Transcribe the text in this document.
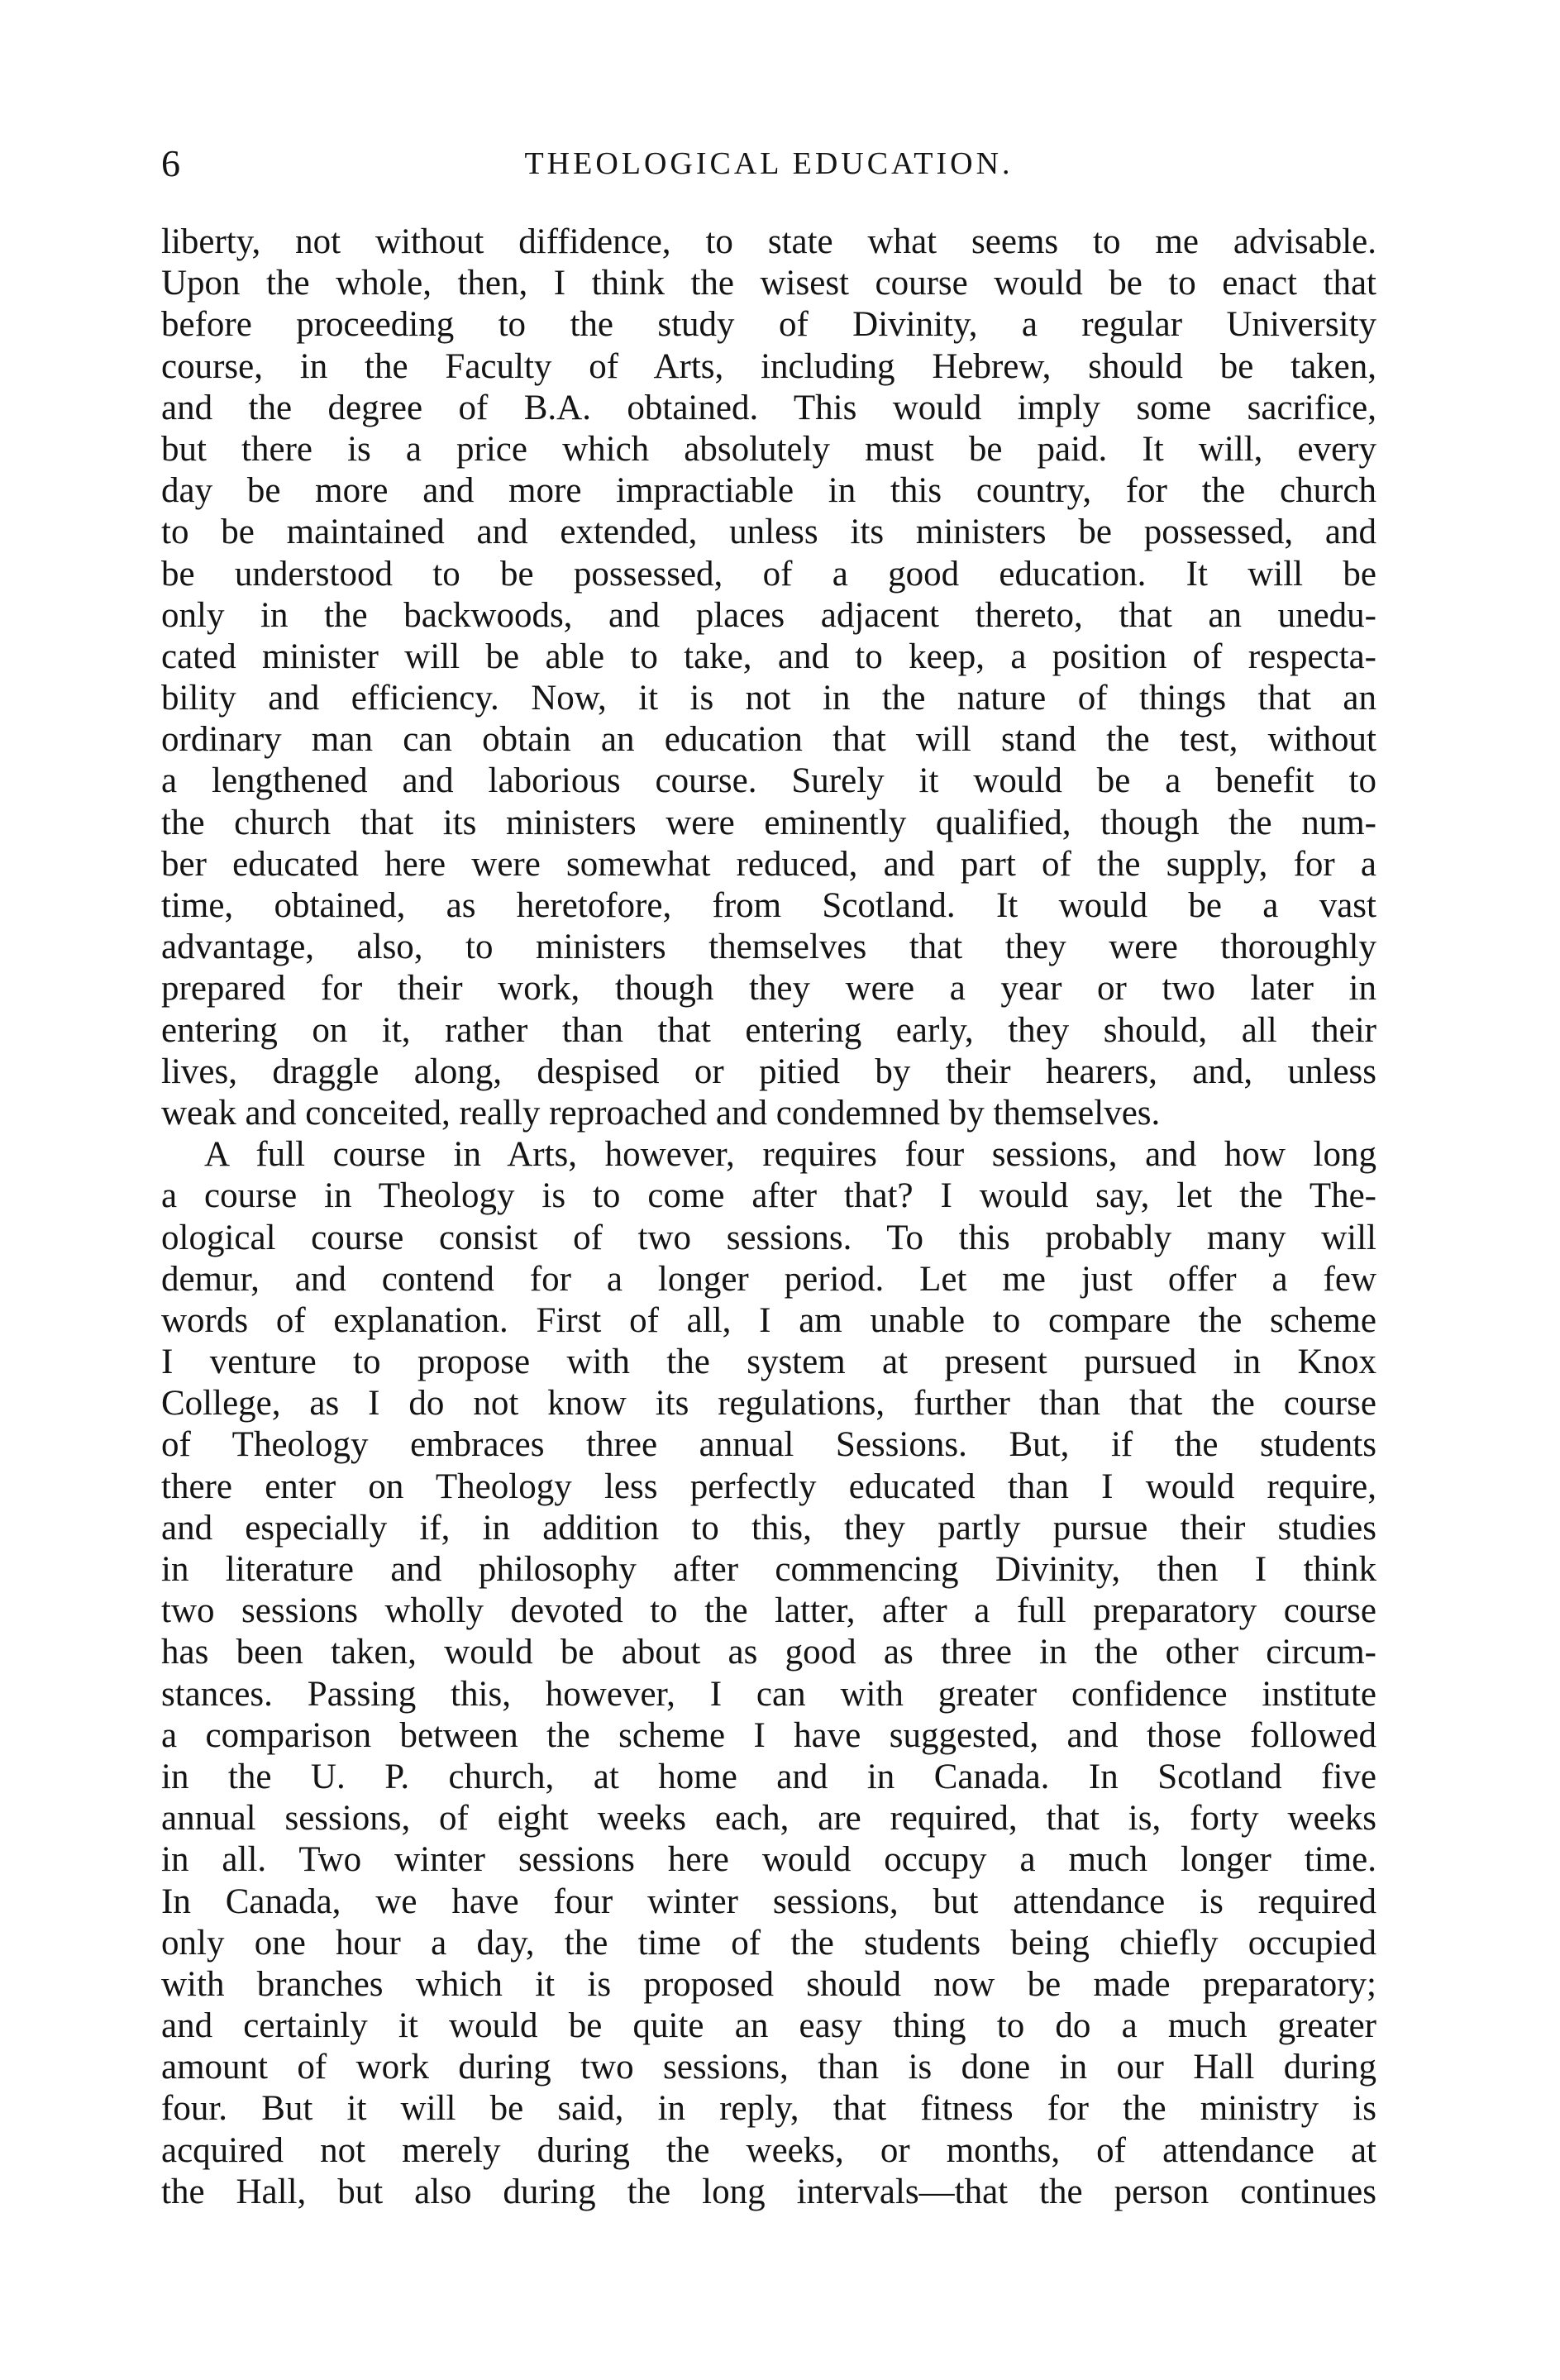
6	THEOLOGICAL EDUCATION.
liberty, not without diffidence, to state what seems to me advisable.
Upon the whole, then, I think the wisest course would be to enact that
before proceeding to the study of Divinity, a regular University
course, in the Faculty of Arts, including Hebrew, should be taken,
and the degree of B.A. obtained. This would imply some sacrifice,
but there is a price which absolutely must be paid. It will, every
day be more and more impractiable in this country, for the church
to be maintained and extended, unless its ministers be possessed, and
be understood to be possessed, of a good education. It will be
only in the backwoods, and places adjacent thereto, that an unedu-
cated minister will be able to take, and to keep, a position of respecta-
bility and efficiency. Now, it is not in the nature of things that an
ordinary man can obtain an education that will stand the test, without
a lengthened and laborious course. Surely it would be a benefit to
the church that its ministers were eminently qualified, though the num-
ber educated here were somewhat reduced, and part of the supply, for a
time, obtained, as heretofore, from Scotland. It would be a vast
advantage, also, to ministers themselves that they were thoroughly
prepared for their work, though they were a year or two later in
entering on it, rather than that entering early, they should, all their
lives, draggle along, despised or pitied by their hearers, and, unless
weak and conceited, really reproached and condemned by themselves.
A full course in Arts, however, requires four sessions, and how long
a course in Theology is to come after that? I would say, let the The-
ological course consist of two sessions. To this probably many will
demur, and contend for a longer period. Let me just offer a few
words of explanation. First of all, I am unable to compare the scheme
I venture to propose with the system at present pursued in Knox
College, as I do not know its regulations, further than that the course
of Theology embraces three annual Sessions. But, if the students
there enter on Theology less perfectly educated than I would require,
and especially if, in addition to this, they partly pursue their studies
in literature and philosophy after commencing Divinity, then I think
two sessions wholly devoted to the latter, after a full preparatory course
has been taken, would be about as good as three in the other circum-
stances. Passing this, however, I can with greater confidence institute
a comparison between the scheme I have suggested, and those followed
in the U. P. church, at home and in Canada. In Scotland five
annual sessions, of eight weeks each, are required, that is, forty weeks
in all. Two winter sessions here would occupy a much longer time.
In Canada, we have four winter sessions, but attendance is required
only one hour a day, the time of the students being chiefly occupied
with branches which it is proposed should now be made preparatory;
and certainly it would be quite an easy thing to do a much greater
amount of work during two sessions, than is done in our Hall during
four. But it will be said, in reply, that fitness for the ministry is
acquired not merely during the weeks, or months, of attendance at
the Hall, but also during the long intervals—that the person continues
